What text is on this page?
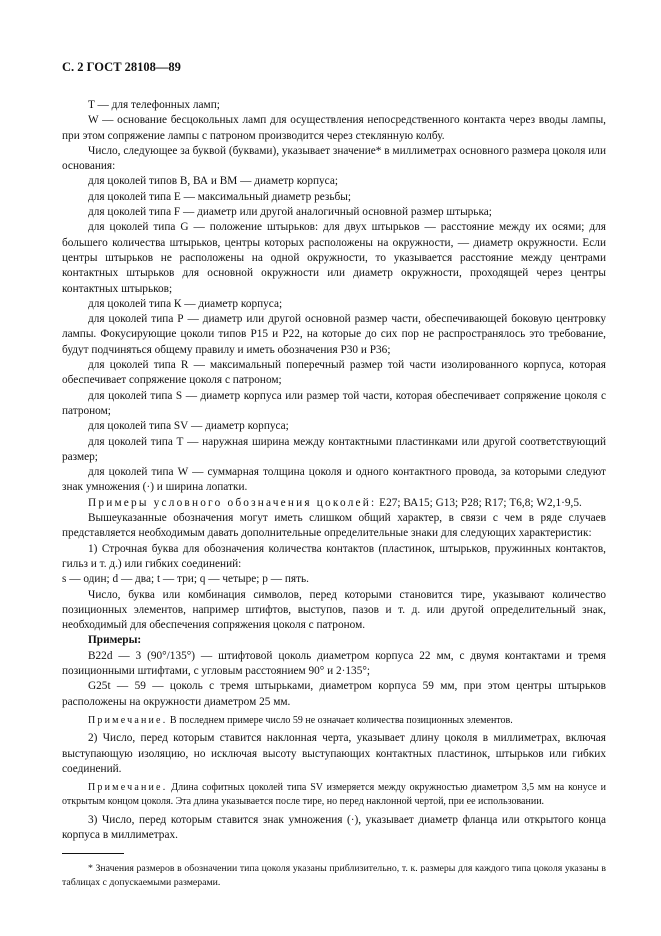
С. 2 ГОСТ 28108—89

T — для телефонных ламп;

W — основание бесцокольных ламп для осуществления непосредственного контакта через вводы лампы, при этом сопряжение лампы с патроном производится через стеклянную колбу.

Число, следующее за буквой (буквами), указывает значение* в миллиметрах основного размера цоколя или основания:

для цоколей типов В, ВА и ВМ — диаметр корпуса;

для цоколей типа Е — максимальный диаметр резьбы;

для цоколей типа F — диаметр или другой аналогичный основной размер штырька;

для цоколей типа G — положение штырьков: для двух штырьков — расстояние между их осями; для большего количества штырьков, центры которых расположены на окружности, — диаметр окружности. Если центры штырьков не расположены на одной окружности, то указывается расстояние между центрами контактных штырьков для основной окружности или диаметр окружности, проходящей через центры контактных штырьков;

для цоколей типа К — диаметр корпуса;

для цоколей типа Р — диаметр или другой основной размер части, обеспечивающей боковую центровку лампы. Фокусирующие цоколи типов Р15 и Р22, на которые до сих пор не распространялось это требование, будут подчиняться общему правилу и иметь обозначения Р30 и Р36;

для цоколей типа R — максимальный поперечный размер той части изолированного корпуса, которая обеспечивает сопряжение цоколя с патроном;

для цоколей типа S — диаметр корпуса или размер той части, которая обеспечивает сопряжение цоколя с патроном;

для цоколей типа SV — диаметр корпуса;

для цоколей типа Т — наружная ширина между контактными пластинками или другой соответствующий размер;

для цоколей типа W — суммарная толщина цоколя и одного контактного провода, за которыми следуют знак умножения (·) и ширина лопатки.

Примеры условного обозначения цоколей: Е27; ВА15; G13; Р28; R17; Т6,8; W2,1·9,5.

Вышеуказанные обозначения могут иметь слишком общий характер, в связи с чем в ряде случаев представляется необходимым давать дополнительные определительные знаки для следующих характеристик:

1) Строчная буква для обозначения количества контактов (пластинок, штырьков, пружинных контактов, гильз и т. д.) или гибких соединений:

s — один; d — два; t — три; q — четыре; р — пять.

Число, буква или комбинация символов, перед которыми становится тире, указывают количество позиционных элементов, например штифтов, выступов, пазов и т. д. или другой определительный знак, необходимый для обеспечения сопряжения цоколя с патроном.

Примеры:

В22d — 3 (90°/135°) — штифтовой цоколь диаметром корпуса 22 мм, с двумя контактами и тремя позиционными штифтами, с угловым расстоянием 90° и 2·135°;

G25t — 59 — цоколь с тремя штырьками, диаметром корпуса 59 мм, при этом центры штырьков расположены на окружности диаметром 25 мм.

Примечание. В последнем примере число 59 не означает количества позиционных элементов.

2) Число, перед которым ставится наклонная черта, указывает длину цоколя в миллиметрах, включая выступающую изоляцию, но исключая высоту выступающих контактных пластинок, штырьков или гибких соединений.

Примечание. Длина софитных цоколей типа SV измеряется между окружностью диаметром 3,5 мм на конусе и открытым концом цоколя. Эта длина указывается после тире, но перед наклонной чертой, при ее использовании.

3) Число, перед которым ставится знак умножения (·), указывает диаметр фланца или открытого конца корпуса в миллиметрах.

* Значения размеров в обозначении типа цоколя указаны приблизительно, т. к. размеры для каждого типа цоколя указаны в таблицах с допускаемыми размерами.
